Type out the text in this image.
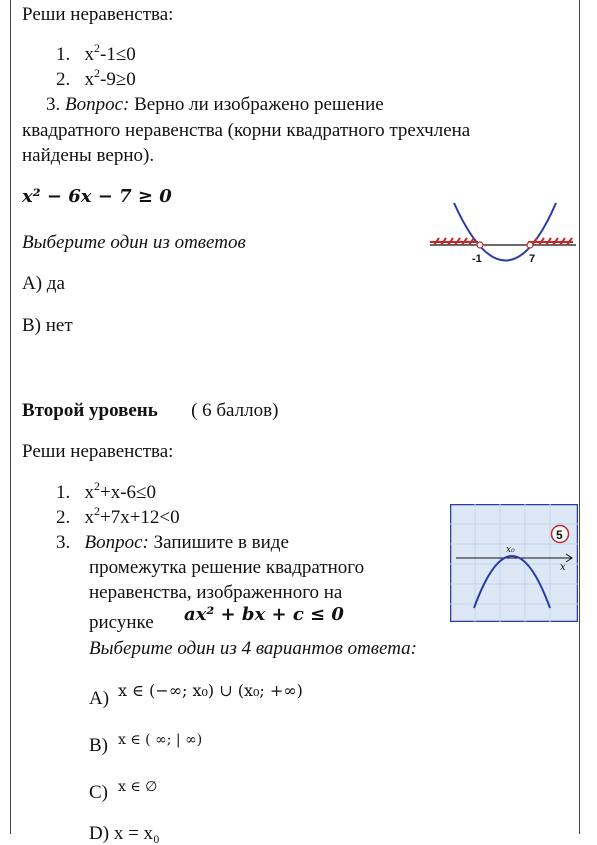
Реши неравенства:
1. $x^2-1\le 0$
2. $x^2-9\ge 0$
3. Вопрос: Верно ли изображено решение
квадратного неравенства (корни квадратного трехчлена
найдены верно).
x² − 6x − 7 ≥ 0
Выберите один из ответов
А) да
В) нет
-1	7
Второй уровень ( 6 баллов)
Реши неравенства:
1. $x^2+x-6\le 0$
2. $x^2+7x+12<0$
3. Вопрос: Запишите в виде
промежутка решение квадратного
неравенства, изображенного на
рисунке ax² + bx + c ≤ 0
Выберите один из 4 вариантов ответа:
A) x ∈ (−∞; x₀) ∪ (x₀; +∞)
B) x ∈ ( ∞; | ∞)
C) x ∈ ∅
D) x = x₀
5
x₀
x
